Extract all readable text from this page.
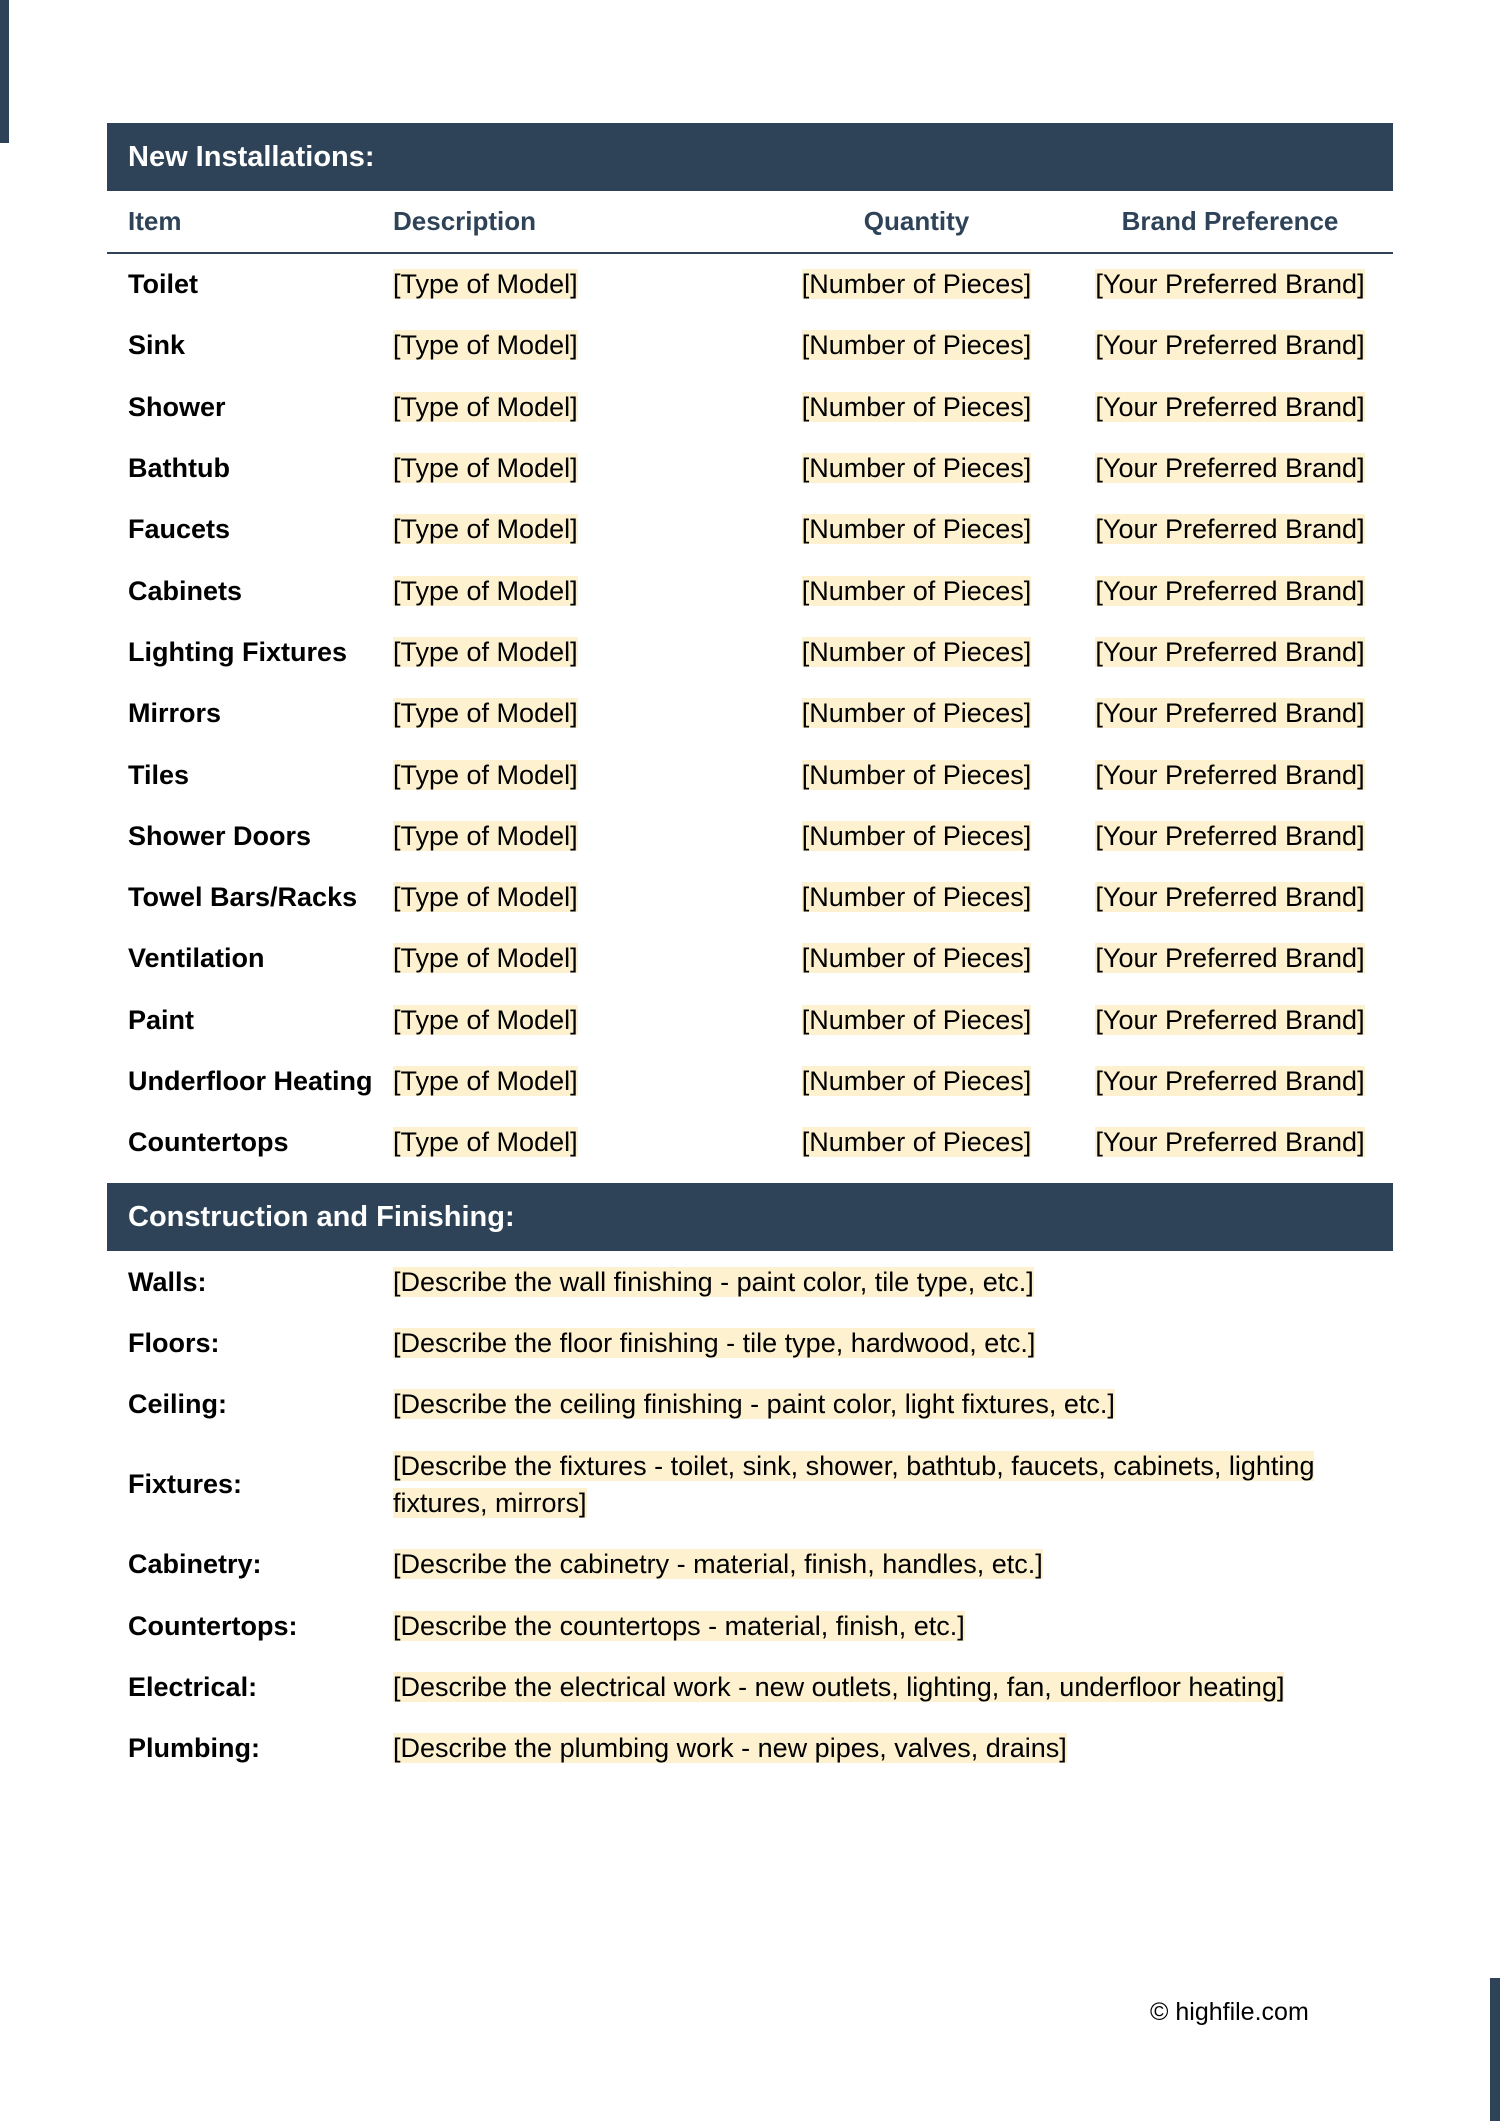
New Installations:
Item	Description	Quantity	Brand Preference
Toilet	[Type of Model]	[Number of Pieces]	[Your Preferred Brand]
Sink	[Type of Model]	[Number of Pieces]	[Your Preferred Brand]
Shower	[Type of Model]	[Number of Pieces]	[Your Preferred Brand]
Bathtub	[Type of Model]	[Number of Pieces]	[Your Preferred Brand]
Faucets	[Type of Model]	[Number of Pieces]	[Your Preferred Brand]
Cabinets	[Type of Model]	[Number of Pieces]	[Your Preferred Brand]
Lighting Fixtures	[Type of Model]	[Number of Pieces]	[Your Preferred Brand]
Mirrors	[Type of Model]	[Number of Pieces]	[Your Preferred Brand]
Tiles	[Type of Model]	[Number of Pieces]	[Your Preferred Brand]
Shower Doors	[Type of Model]	[Number of Pieces]	[Your Preferred Brand]
Towel Bars/Racks	[Type of Model]	[Number of Pieces]	[Your Preferred Brand]
Ventilation	[Type of Model]	[Number of Pieces]	[Your Preferred Brand]
Paint	[Type of Model]	[Number of Pieces]	[Your Preferred Brand]
Underfloor Heating [Type of Model]	[Number of Pieces]	[Your Preferred Brand]
Countertops	[Type of Model]	[Number of Pieces]	[Your Preferred Brand]
Construction and Finishing:
Walls:	[Describe the wall finishing - paint color, tile type, etc.]
Floors:	[Describe the floor finishing - tile type, hardwood, etc.]
Ceiling:	[Describe the ceiling finishing - paint color, light fixtures, etc.]
Fixtures:
[Describe the fixtures - toilet, sink, shower, bathtub, faucets, cabinets, lighting fixtures, mirrors]
Cabinetry:	[Describe the cabinetry - material, finish, handles, etc.]
Countertops:	[Describe the countertops - material, finish, etc.]
Electrical:	[Describe the electrical work - new outlets, lighting, fan, underfloor heating]
Plumbing:	[Describe the plumbing work - new pipes, valves, drains]
© highfile.com
